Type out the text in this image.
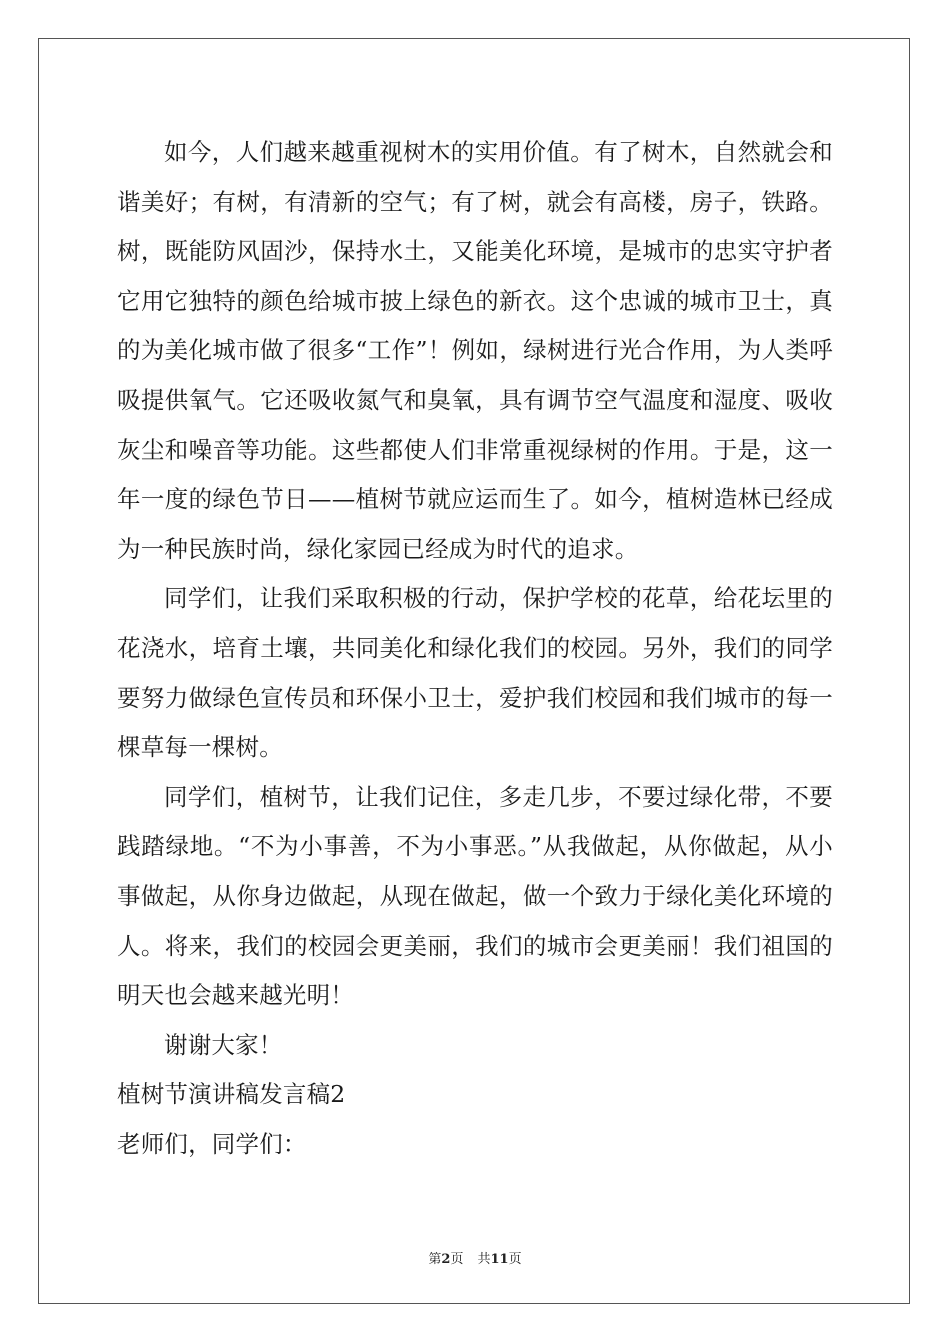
如今，人们越来越重视树木的实用价值。有了树木，自然就会和谐美好；有树，有清新的空气；有了树，就会有高楼，房子，铁路。树，既能防风固沙，保持水土，又能美化环境，是城市的忠实守护者它用它独特的颜色给城市披上绿色的新衣。这个忠诚的城市卫士，真的为美化城市做了很多“工作”！例如，绿树进行光合作用，为人类呼吸提供氧气。它还吸收氮气和臭氧，具有调节空气温度和湿度、吸收灰尘和噪音等功能。这些都使人们非常重视绿树的作用。于是，这一年一度的绿色节日——植树节就应运而生了。如今，植树造林已经成为一种民族时尚，绿化家园已经成为时代的追求。

同学们，让我们采取积极的行动，保护学校的花草，给花坛里的花浇水，培育土壤，共同美化和绿化我们的校园。另外，我们的同学要努力做绿色宣传员和环保小卫士，爱护我们校园和我们城市的每一棵草每一棵树。

同学们，植树节，让我们记住，多走几步，不要过绿化带，不要践踏绿地。“不为小事善，不为小事恶。”从我做起，从你做起，从小事做起，从你身边做起，从现在做起，做一个致力于绿化美化环境的人。将来，我们的校园会更美丽，我们的城市会更美丽！我们祖国的明天也会越来越光明！

谢谢大家！

植树节演讲稿发言稿2

老师们，同学们：

第2页 共11页
